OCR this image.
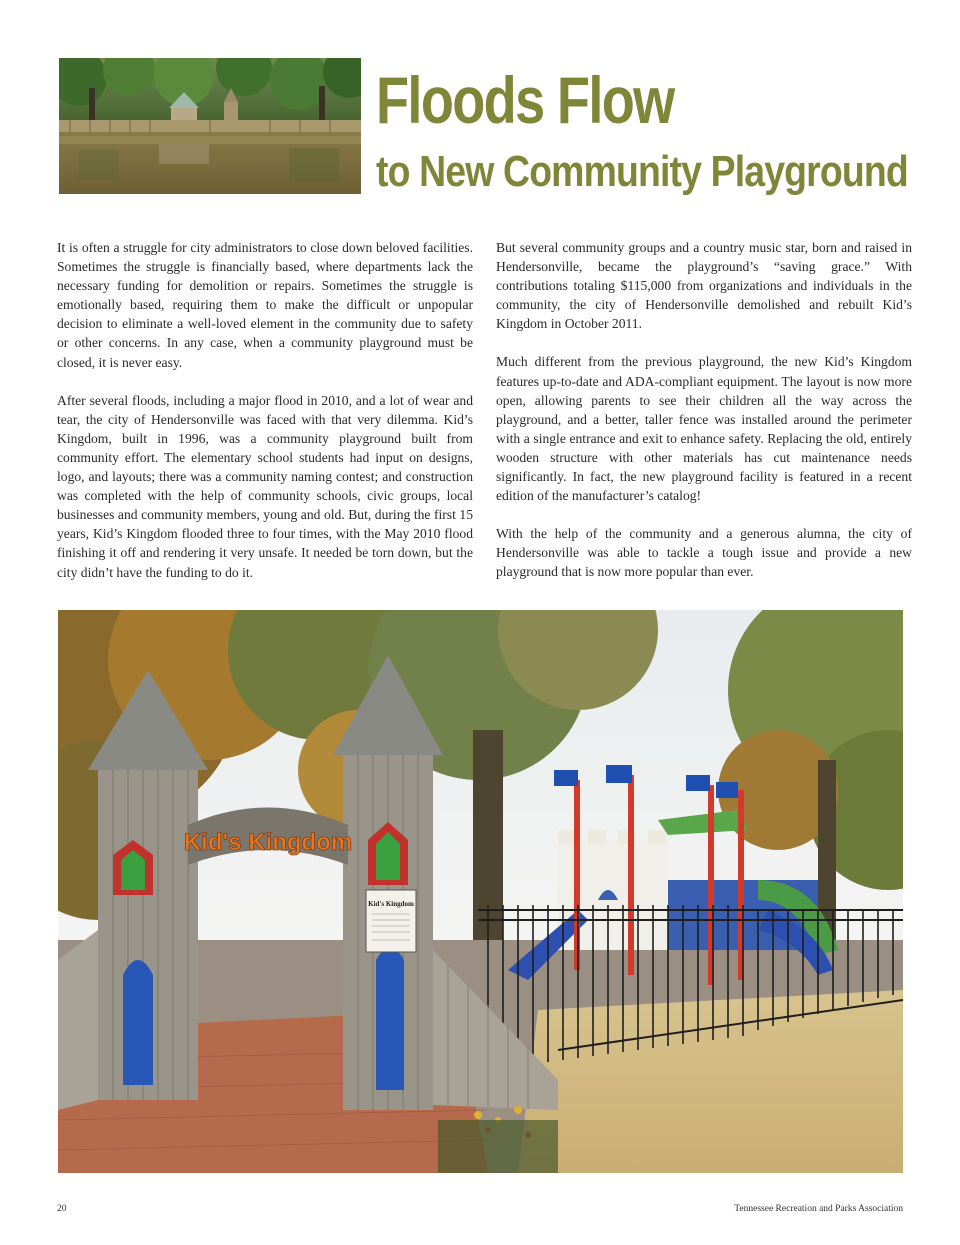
Floods Flow
to New Community Playground

It is often a struggle for city administrators to close down beloved facilities. Sometimes the struggle is financially based, where departments lack the necessary funding for demolition or repairs. Sometimes the struggle is emotionally based, requiring them to make the difficult or unpopular decision to eliminate a well-loved element in the community due to safety or other concerns. In any case, when a community playground must be closed, it is never easy.

After several floods, including a major flood in 2010, and a lot of wear and tear, the city of Hendersonville was faced with that very dilemma. Kid’s Kingdom, built in 1996, was a community playground built from community effort. The elementary school students had input on designs, logo, and layouts; there was a community naming contest; and construction was completed with the help of community schools, civic groups, local businesses and community members, young and old. But, during the first 15 years, Kid’s Kingdom flooded three to four times, with the May 2010 flood finishing it off and rendering it very unsafe. It needed be torn down, but the city didn’t have the funding to do it.

But several community groups and a country music star, born and raised in Hendersonville, became the playground’s “saving grace.” With contributions totaling $115,000 from organizations and individuals in the community, the city of Hendersonville demolished and rebuilt Kid’s Kingdom in October 2011.

Much different from the previous playground, the new Kid’s Kingdom features up-to-date and ADA-compliant equipment. The layout is now more open, allowing parents to see their children all the way across the playground, and a better, taller fence was installed around the perimeter with a single entrance and exit to enhance safety. Replacing the old, entirely wooden structure with other materials has cut maintenance needs significantly. In fact, the new playground facility is featured in a recent edition of the manufacturer’s catalog!

With the help of the community and a generous alumna, the city of Hendersonville was able to tackle a tough issue and provide a new playground that is now more popular than ever.

Kid's Kingdom
Kid's Kingdom
20	Tennessee Recreation and Parks Association
